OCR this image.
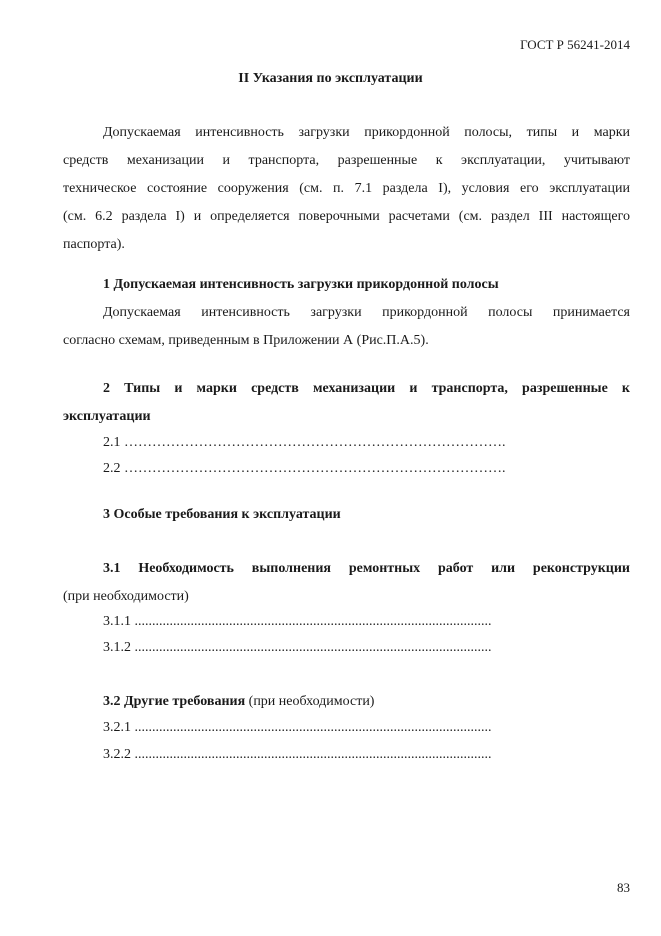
ГОСТ Р 56241-2014
II Указания по эксплуатации
Допускаемая интенсивность загрузки прикордонной полосы, типы и марки
средств механизации и транспорта, разрешенные к эксплуатации, учитывают
техническое состояние сооружения (см. п. 7.1 раздела I), условия его эксплуатации
(см. 6.2 раздела I) и определяется поверочными расчетами (см. раздел III настоящего
паспорта).
1 Допускаемая интенсивность загрузки прикордонной полосы
Допускаемая интенсивность загрузки прикордонной полосы принимается
согласно схемам, приведенным в Приложении А (Рис.П.А.5).
2 Типы и марки средств механизации и транспорта, разрешенные к
эксплуатации
2.1 ……………………………………………………………………….
2.2 ……………………………………………………………………….
3 Особые требования к эксплуатации
3.1 Необходимость выполнения ремонтных работ или реконструкции
(при необходимости)
3.1.1 ......................................................................................................
3.1.2 ......................................................................................................
3.2 Другие требования (при необходимости)
3.2.1 ......................................................................................................
3.2.2 ......................................................................................................
83
